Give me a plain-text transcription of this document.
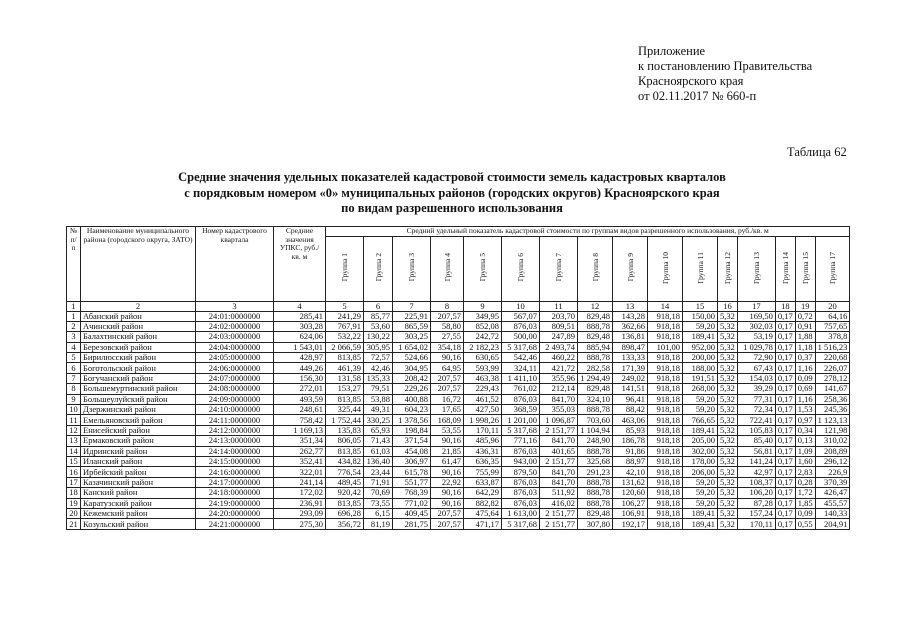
Приложение
к постановлению Правительства
Красноярского края
от 02.11.2017 № 660-п
Таблица 62
Средние значения удельных показателей кадастровой стоимости земель кадастровых кварталов
с порядковым номером «0» муниципальных районов (городских округов) Красноярского края
по видам разрешенного использования
№ п/п	Наименование муниципального района (городского округа, ЗАТО)	Номер кадастрового квартала	Средние значения УПКС, руб./кв. м	Средний удельный показатель кадастровой стоимости по группам видов разрешенного использования, руб./кв. м															
				Группа 1	Группа 2	Группа 3	Группа 4	Группа 5	Группа 6	Группа 7	Группа 8	Группа 9	Группа 10	Группа 11	Группа 12	Группа 13	Группа 14	Группа 15	Группа 17
1	2	3	4	5	6	7	8	9	10	11	12	13	14	15	16	17	18	19	20
1	Абанский район	24:01:0000000	285,41	241,29	85,77	225,91	207,57	349,95	567,07	203,70	829,48	143,28	918,18	150,00	5,32	169,50	0,17	0,72	64,16
2	Ачинский район	24:02:0000000	303,28	767,91	53,60	865,59	58,80	852,08	876,03	809,51	888,78	362,66	918,18	59,20	5,32	302,03	0,17	0,91	757,65
3	Балахтинский район	24:03:0000000	624,06	532,22	130,22	303,25	27,55	242,72	500,00	247,89	829,48	136,81	918,18	189,41	5,32	53,19	0,17	1,88	378,8
4	Березовский район	24:04:0000000	1 543,01	2 066,59	305,95	1 654,02	354,18	2 182,23	5 317,68	2 493,74	885,94	898,47	101,00	952,00	5,32	1 029,78	0,17	1,18	1 516,23
5	Бирилюсский район	24:05:0000000	428,97	813,85	72,57	524,66	90,16	630,65	542,46	460,22	888,78	133,33	918,18	200,00	5,32	72,90	0,17	0,37	220,68
6	Боготольский район	24:06:0000000	449,26	461,39	42,46	304,95	64,95	593,99	324,11	421,72	282,58	171,39	918,18	188,00	5,32	67,43	0,17	1,16	226,07
7	Богучанский район	24:07:0000000	156,30	131,58	135,33	208,42	207,57	463,38	1 411,10	355,96	1 294,49	249,02	918,18	191,51	5,32	154,03	0,17	0,09	278,12
8	Большемуртинский район	24:08:0000000	272,01	153,27	79,51	229,26	207,57	229,43	761,02	212,14	829,48	141,51	918,18	268,00	5,32	39,29	0,17	0,69	141,67
9	Большеулуйский район	24:09:0000000	493,59	813,85	53,88	400,88	16,72	461,52	876,03	841,70	324,10	96,41	918,18	59,20	5,32	77,31	0,17	1,16	258,36
10	Дзержинский район	24:10:0000000	248,61	325,44	49,31	604,23	17,65	427,50	368,59	355,03	888,78	88,42	918,18	59,20	5,32	72,34	0,17	1,53	245,36
11	Емельяновский район	24:11:0000000	758,42	1 752,44	330,25	1 378,56	168,09	1 998,26	1 201,00	1 096,87	703,60	463,06	918,18	766,65	5,32	722,41	0,17	0,97	1 123,13
12	Енисейский район	24:12:0000000	1 169,13	135,83	65,93	198,84	53,55	170,11	5 317,68	2 151,77	1 104,94	85,93	918,18	189,41	5,32	105,83	0,17	0,34	121,98
13	Ермаковский район	24:13:0000000	351,34	806,05	71,43	371,54	90,16	485,96	771,16	841,70	248,90	186,78	918,18	205,00	5,32	85,40	0,17	0,13	310,02
14	Идринский район	24:14:0000000	262,77	813,85	61,03	454,08	21,85	436,31	876,03	401,65	888,78	91,86	918,18	302,00	5,32	56,81	0,17	1,09	208,89
15	Иланский район	24:15:0000000	352,41	434,82	136,40	306,97	61,47	636,35	943,00	2 151,77	325,68	88,97	918,18	178,00	5,32	141,24	0,17	1,60	296,12
16	Ирбейский район	24:16:0000000	322,01	776,54	23,44	615,78	90,16	755,99	879,50	841,70	291,23	42,10	918,18	206,00	5,32	42,97	0,17	2,83	226,9
17	Казачинский район	24:17:0000000	241,14	489,45	71,91	551,77	22,92	633,87	876,03	841,70	888,78	131,62	918,18	59,20	5,32	108,37	0,17	0,28	370,39
18	Канский район	24:18:0000000	172,02	920,42	70,69	768,39	90,16	642,29	876,03	511,92	888,78	120,60	918,18	59,20	5,32	106,20	0,17	1,72	426,47
19	Каратузский район	24:19:0000000	236,91	813,85	73,55	771,02	90,16	882,82	876,03	416,02	888,78	106,27	918,18	59,20	5,32	87,28	0,17	1,85	455,57
20	Кежемский район	24:20:0000000	293,09	696,28	6,15	409,45	207,57	475,64	1 613,00	2 151,77	829,48	106,91	918,18	189,41	5,32	157,24	0,17	0,09	140,33
21	Козульский район	24:21:0000000	275,30	356,72	81,19	281,75	207,57	471,17	5 317,68	2 151,77	307,80	192,17	918,18	189,41	5,32	170,11	0,17	0,55	204,91
